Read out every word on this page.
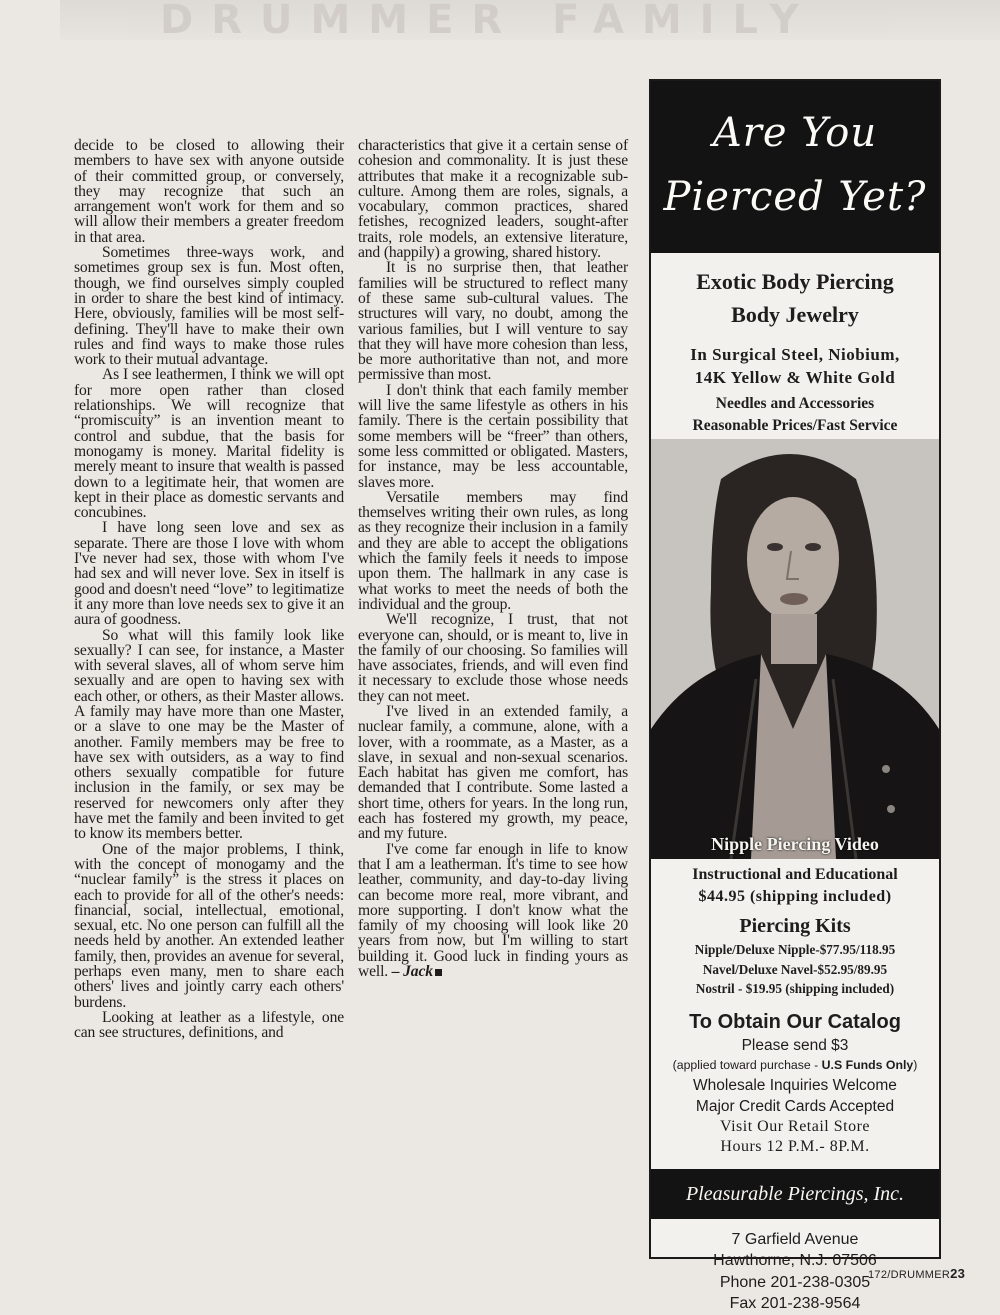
DRUMMER FAMILY

decide to be closed to allowing their members to have sex with anyone outside of their committed group, or conversely, they may recognize that such an arrangement won't work for them and so will allow their members a greater freedom in that area.

Sometimes three-ways work, and sometimes group sex is fun. Most often, though, we find ourselves simply coupled in order to share the best kind of intimacy. Here, obviously, families will be most self-defining. They'll have to make their own rules and find ways to make those rules work to their mutual advantage.

As I see leathermen, I think we will opt for more open rather than closed relationships. We will recognize that “promiscuity” is an invention meant to control and subdue, that the basis for monogamy is money. Marital fidelity is merely meant to insure that wealth is passed down to a legitimate heir, that women are kept in their place as domestic servants and concubines.

I have long seen love and sex as separate. There are those I love with whom I've never had sex, those with whom I've had sex and will never love. Sex in itself is good and doesn't need “love” to legitimatize it any more than love needs sex to give it an aura of goodness.

So what will this family look like sexually? I can see, for instance, a Master with several slaves, all of whom serve him sexually and are open to having sex with each other, or others, as their Master allows. A family may have more than one Master, or a slave to one may be the Master of another. Family members may be free to have sex with outsiders, as a way to find others sexually compatible for future inclusion in the family, or sex may be reserved for newcomers only after they have met the family and been invited to get to know its members better.

One of the major problems, I think, with the concept of monogamy and the “nuclear family” is the stress it places on each to provide for all of the other's needs: financial, social, intellectual, emotional, sexual, etc. No one person can fulfill all the needs held by another. An extended leather family, then, provides an avenue for several, perhaps even many, men to share each others' lives and jointly carry each others' burdens.

Looking at leather as a lifestyle, one can see structures, definitions, and

characteristics that give it a certain sense of cohesion and commonality. It is just these attributes that make it a recognizable sub-culture. Among them are roles, signals, a vocabulary, common practices, shared fetishes, recognized leaders, sought-after traits, role models, an extensive literature, and (happily) a growing, shared history.

It is no surprise then, that leather families will be structured to reflect many of these same sub-cultural values. The structures will vary, no doubt, among the various families, but I will venture to say that they will have more cohesion than less, be more authoritative than not, and more permissive than most.

I don't think that each family member will live the same lifestyle as others in his family. There is the certain possibility that some members will be “freer” than others, some less committed or obligated. Masters, for instance, may be less accountable, slaves more.

Versatile members may find themselves writing their own rules, as long as they recognize their inclusion in a family and they are able to accept the obligations which the family feels it needs to impose upon them. The hallmark in any case is what works to meet the needs of both the individual and the group.

We'll recognize, I trust, that not everyone can, should, or is meant to, live in the family of our choosing. So families will have associates, friends, and will even find it necessary to exclude those whose needs they can not meet.

I've lived in an extended family, a nuclear family, a commune, alone, with a lover, with a roommate, as a Master, as a slave, in sexual and non-sexual scenarios. Each habitat has given me comfort, has demanded that I contribute. Some lasted a short time, others for years. In the long run, each has fostered my growth, my peace, and my future.

I've come far enough in life to know that I am a leatherman. It's time to see how leather, community, and day-to-day living can become more real, more vibrant, and more supporting. I don't know what the family of my choosing will look like 20 years from now, but I'm willing to start building it. Good luck in finding yours as well. – Jack

Are You
Pierced Yet?
Exotic Body Piercing
Body Jewelry
In Surgical Steel, Niobium,
14K Yellow & White Gold
Needles and Accessories
Reasonable Prices/Fast Service
Nipple Piercing Video
Instructional and Educational
$44.95 (shipping included)
Piercing Kits
Nipple/Deluxe Nipple-$77.95/118.95
Navel/Deluxe Navel-$52.95/89.95
Nostril - $19.95 (shipping included)
To Obtain Our Catalog
Please send $3
(applied toward purchase - U.S Funds Only)
Wholesale Inquiries Welcome
Major Credit Cards Accepted
Visit Our Retail Store
Hours 12 P.M.- 8P.M.
Pleasurable Piercings, Inc.
7 Garfield Avenue
Hawthorne, N.J. 07506
Phone 201-238-0305
Fax 201-238-9564
172/DRUMMER23
